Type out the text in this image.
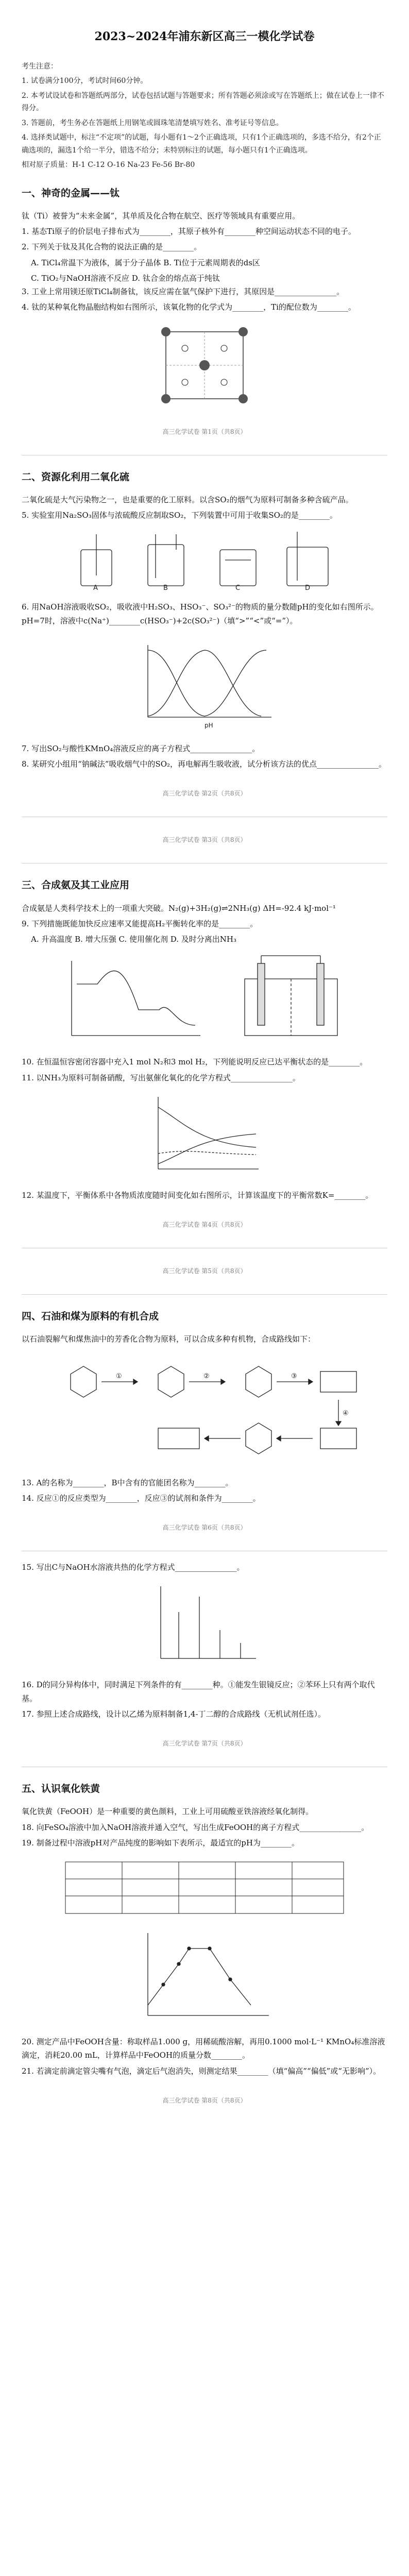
2023~2024年浦东新区高三一模化学试卷
考生注意：
1. 试卷满分100分，考试时间60分钟。
2. 本考试设试卷和答题纸两部分，试卷包括试题与答题要求；所有答题必须涂或写在答题纸上；做在试卷上一律不得分。
3. 答题前，考生务必在答题纸上用钢笔或圆珠笔清楚填写姓名、准考证号等信息。
4. 选择类试题中，标注“不定项”的试题，每小题有1～2个正确选项，只有1个正确选项的，多选不给分，有2个正确选项的，漏选1个给一半分，错选不给分；未特别标注的试题，每小题只有1个正确选项。
相对原子质量：H-1 C-12 O-16 Na-23 Fe-56 Br-80
一、神奇的金属——钛
钛（Ti）被誉为“未来金属”，其单质及化合物在航空、医疗等领域具有重要应用。
1. 基态Ti原子的价层电子排布式为________，其原子核外有________种空间运动状态不同的电子。
2. 下列关于钛及其化合物的说法正确的是________。
A. TiCl₄常温下为液体，属于分子晶体 B. Ti位于元素周期表的ds区
C. TiO₂与NaOH溶液不反应 D. 钛合金的熔点高于纯钛
3. 工业上常用镁还原TiCl₄制备钛，该反应需在氩气保护下进行，其原因是________________。
4. 钛的某种氧化物晶胞结构如右图所示，该氧化物的化学式为________，Ti的配位数为________。
高三化学试卷 第1页（共8页）
二、资源化利用二氧化硫
二氧化硫是大气污染物之一，也是重要的化工原料。以含SO₂的烟气为原料可制备多种含硫产品。
5. 实验室用Na₂SO₃固体与浓硫酸反应制取SO₂，下列装置中可用于收集SO₂的是________。
A	B	C	D
6. 用NaOH溶液吸收SO₂，吸收液中H₂SO₃、HSO₃⁻、SO₃²⁻的物质的量分数随pH的变化如右图所示。pH=7时，溶液中c(Na⁺)________c(HSO₃⁻)+2c(SO₃²⁻)（填“>”“<”或“=”）。
pH
7. 写出SO₂与酸性KMnO₄溶液反应的离子方程式________________。
8. 某研究小组用“钠碱法”吸收烟气中的SO₂，再电解再生吸收液，试分析该方法的优点________________。
高三化学试卷 第2页（共8页）
高三化学试卷 第3页（共8页）
三、合成氨及其工业应用
合成氨是人类科学技术上的一项重大突破。N₂(g)+3H₂(g)⇌2NH₃(g) ΔH=-92.4 kJ·mol⁻¹
9. 下列措施既能加快反应速率又能提高H₂平衡转化率的是________。
A. 升高温度 B. 增大压强 C. 使用催化剂 D. 及时分离出NH₃
10. 在恒温恒容密闭容器中充入1 mol N₂和3 mol H₂，下列能说明反应已达平衡状态的是________。
11. 以NH₃为原料可制备硝酸，写出氨催化氧化的化学方程式________________。
12. 某温度下，平衡体系中各物质浓度随时间变化如右图所示，计算该温度下的平衡常数K=________。
高三化学试卷 第4页（共8页）
高三化学试卷 第5页（共8页）
四、石油和煤为原料的有机合成
以石油裂解气和煤焦油中的芳香化合物为原料，可以合成多种有机物，合成路线如下：
①	②	③
④
13. A的名称为________，B中含有的官能团名称为________。
14. 反应①的反应类型为________，反应③的试剂和条件为________。
高三化学试卷 第6页（共8页）
15. 写出C与NaOH水溶液共热的化学方程式________________。
16. D的同分异构体中，同时满足下列条件的有________种。①能发生银镜反应；②苯环上只有两个取代基。
17. 参照上述合成路线，设计以乙烯为原料制备1,4-丁二醇的合成路线（无机试剂任选）。
高三化学试卷 第7页（共8页）
五、认识氧化铁黄
氧化铁黄（FeOOH）是一种重要的黄色颜料，工业上可用硫酸亚铁溶液经氧化制得。
18. 向FeSO₄溶液中加入NaOH溶液并通入空气，写出生成FeOOH的离子方程式________________。
19. 制备过程中溶液pH对产品纯度的影响如下表所示，最适宜的pH为________。
20. 测定产品中FeOOH含量：称取样品1.000 g，用稀硫酸溶解，再用0.1000 mol·L⁻¹ KMnO₄标准溶液滴定，消耗20.00 mL，计算样品中FeOOH的质量分数________。
21. 若滴定前滴定管尖嘴有气泡，滴定后气泡消失，则测定结果________（填“偏高”“偏低”或“无影响”）。
高三化学试卷 第8页（共8页）
